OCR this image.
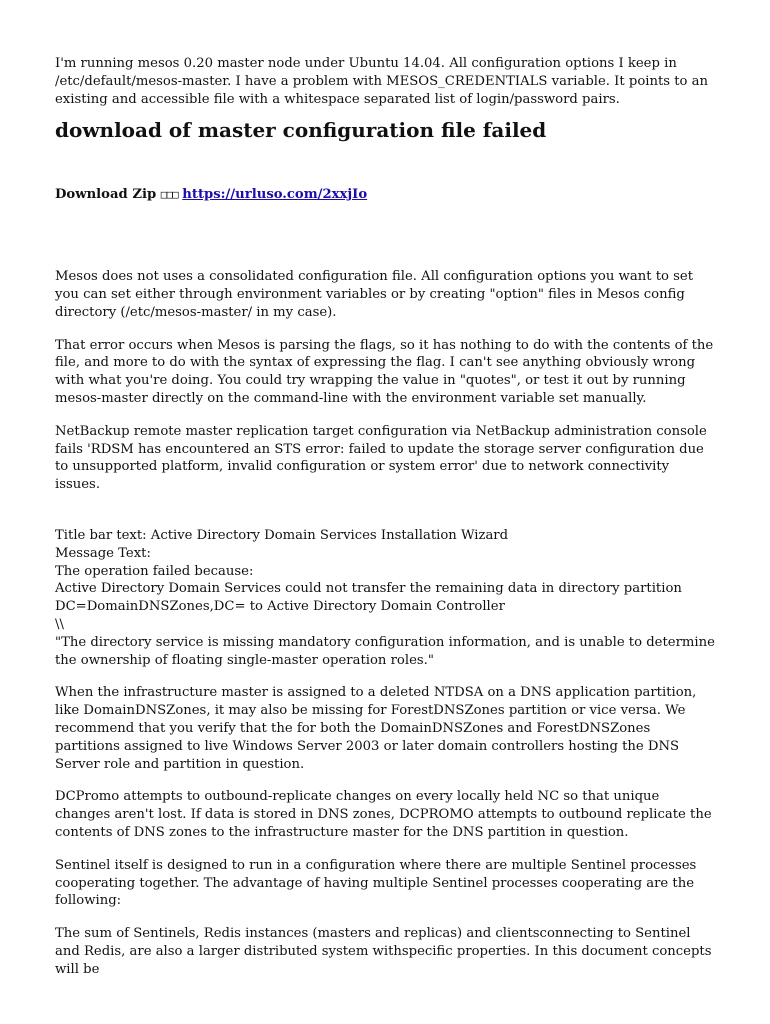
I'm running mesos 0.20 master node under Ubuntu 14.04. All configuration options I keep in /etc/default/mesos-master. I have a problem with MESOS_CREDENTIALS variable. It points to an existing and accessible file with a whitespace separated list of login/password pairs.

download of master configuration file failed
Download Zip □□□ https://urluso.com/2xxjIo

Mesos does not uses a consolidated configuration file. All configuration options you want to set you can set either through environment variables or by creating "option" files in Mesos config directory (/etc/mesos-master/ in my case).

That error occurs when Mesos is parsing the flags, so it has nothing to do with the contents of the file, and more to do with the syntax of expressing the flag. I can't see anything obviously wrong with what you're doing. You could try wrapping the value in "quotes", or test it out by running mesos-master directly on the command-line with the environment variable set manually.

NetBackup remote master replication target configuration via NetBackup administration console fails 'RDSM has encountered an STS error: failed to update the storage server configuration due to unsupported platform, invalid configuration or system error' due to network connectivity issues.

Title bar text: Active Directory Domain Services Installation Wizard
Message Text:
The operation failed because:
Active Directory Domain Services could not transfer the remaining data in directory partition DC=DomainDNSZones,DC= to Active Directory Domain Controller
\\
"The directory service is missing mandatory configuration information, and is unable to determine the ownership of floating single-master operation roles."

When the infrastructure master is assigned to a deleted NTDSA on a DNS application partition, like DomainDNSZones, it may also be missing for ForestDNSZones partition or vice versa. We recommend that you verify that the for both the DomainDNSZones and ForestDNSZones partitions assigned to live Windows Server 2003 or later domain controllers hosting the DNS Server role and partition in question.

DCPromo attempts to outbound-replicate changes on every locally held NC so that unique changes aren't lost. If data is stored in DNS zones, DCPROMO attempts to outbound replicate the contents of DNS zones to the infrastructure master for the DNS partition in question.

Sentinel itself is designed to run in a configuration where there are multiple Sentinel processes cooperating together. The advantage of having multiple Sentinel processes cooperating are the following:

The sum of Sentinels, Redis instances (masters and replicas) and clientsconnecting to Sentinel and Redis, are also a larger distributed system withspecific properties. In this document concepts will be
